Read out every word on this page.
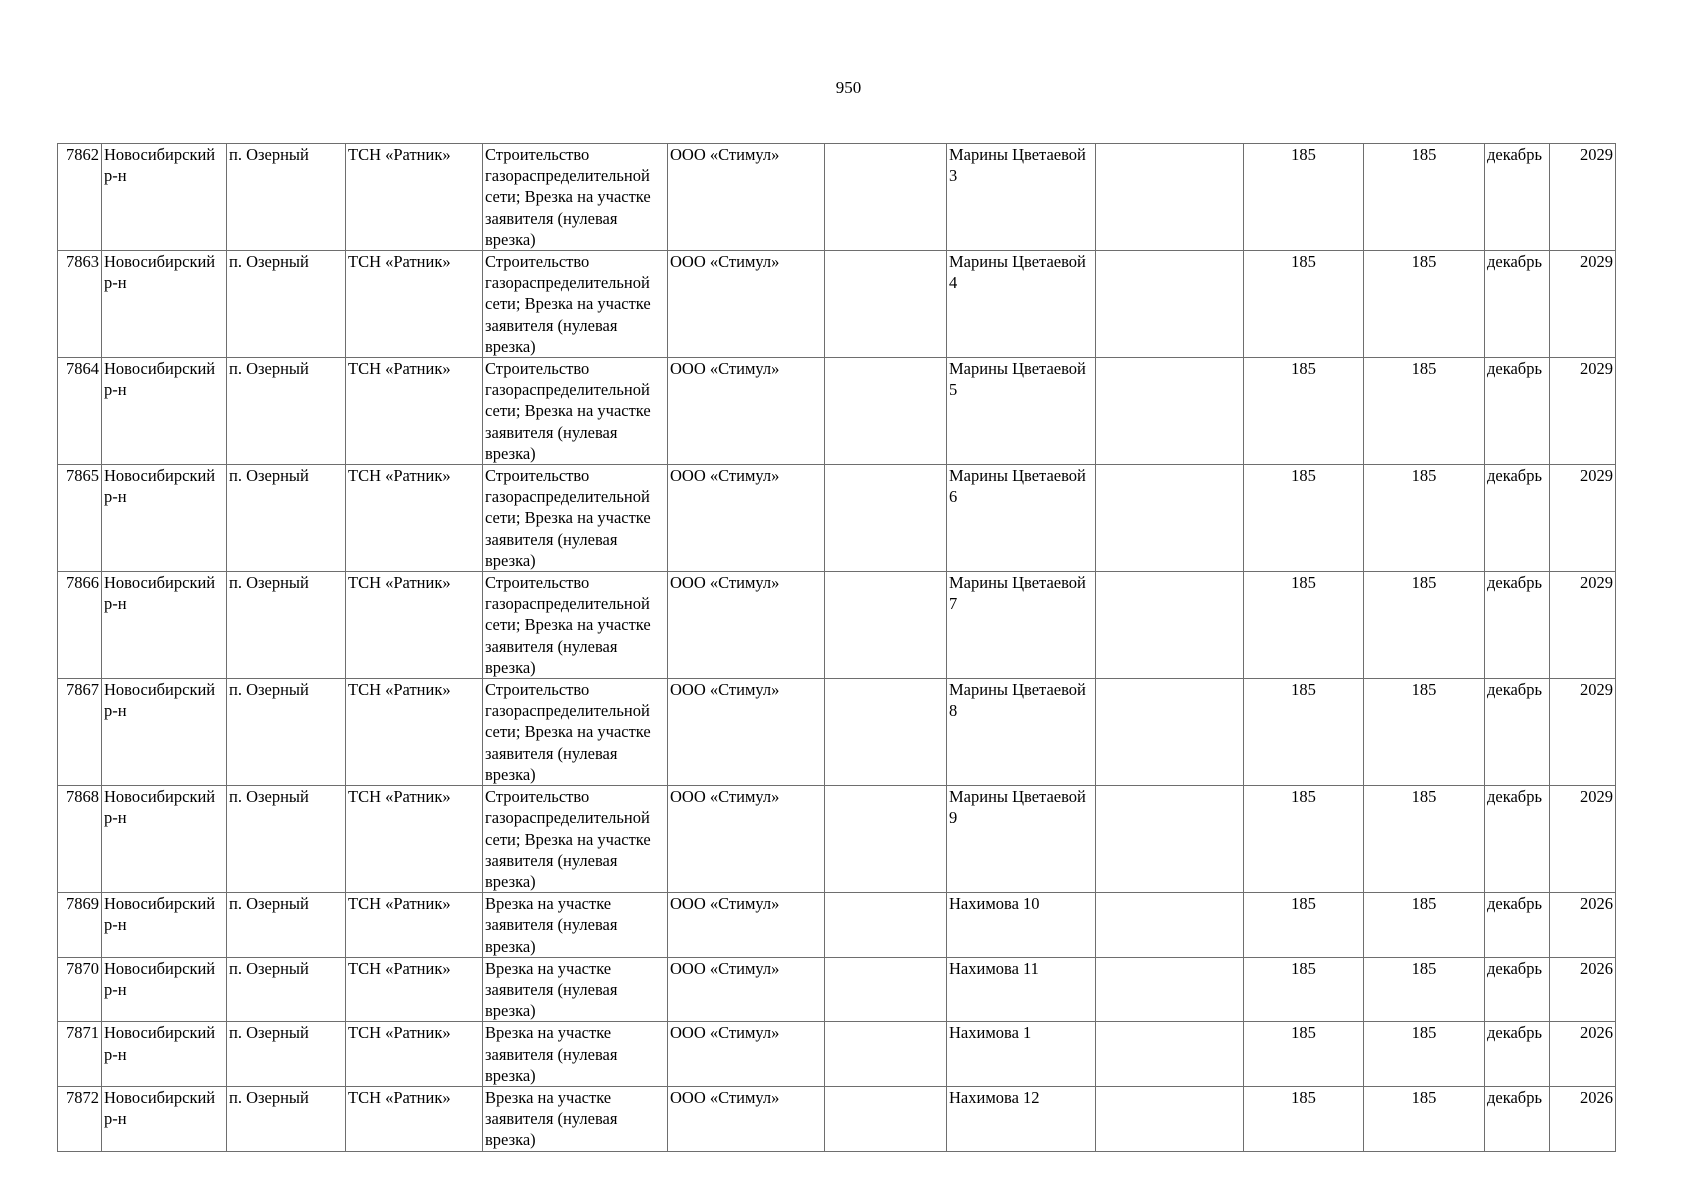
950
7862	Новосибирский р-н	п. Озерный	ТСН «Ратник»	Строительство газораспределительной сети; Врезка на участке заявителя (нулевая врезка)	ООО «Стимул»		Марины Цветаевой 3		185	185	декабрь	2029
7863	Новосибирский р-н	п. Озерный	ТСН «Ратник»	Строительство газораспределительной сети; Врезка на участке заявителя (нулевая врезка)	ООО «Стимул»		Марины Цветаевой 4		185	185	декабрь	2029
7864	Новосибирский р-н	п. Озерный	ТСН «Ратник»	Строительство газораспределительной сети; Врезка на участке заявителя (нулевая врезка)	ООО «Стимул»		Марины Цветаевой 5		185	185	декабрь	2029
7865	Новосибирский р-н	п. Озерный	ТСН «Ратник»	Строительство газораспределительной сети; Врезка на участке заявителя (нулевая врезка)	ООО «Стимул»		Марины Цветаевой 6		185	185	декабрь	2029
7866	Новосибирский р-н	п. Озерный	ТСН «Ратник»	Строительство газораспределительной сети; Врезка на участке заявителя (нулевая врезка)	ООО «Стимул»		Марины Цветаевой 7		185	185	декабрь	2029
7867	Новосибирский р-н	п. Озерный	ТСН «Ратник»	Строительство газораспределительной сети; Врезка на участке заявителя (нулевая врезка)	ООО «Стимул»		Марины Цветаевой 8		185	185	декабрь	2029
7868	Новосибирский р-н	п. Озерный	ТСН «Ратник»	Строительство газораспределительной сети; Врезка на участке заявителя (нулевая врезка)	ООО «Стимул»		Марины Цветаевой 9		185	185	декабрь	2029
7869	Новосибирский р-н	п. Озерный	ТСН «Ратник»	Врезка на участке заявителя (нулевая врезка)	ООО «Стимул»		Нахимова 10		185	185	декабрь	2026
7870	Новосибирский р-н	п. Озерный	ТСН «Ратник»	Врезка на участке заявителя (нулевая врезка)	ООО «Стимул»		Нахимова 11		185	185	декабрь	2026
7871	Новосибирский р-н	п. Озерный	ТСН «Ратник»	Врезка на участке заявителя (нулевая врезка)	ООО «Стимул»		Нахимова 1		185	185	декабрь	2026
7872	Новосибирский р-н	п. Озерный	ТСН «Ратник»	Врезка на участке заявителя (нулевая врезка)	ООО «Стимул»		Нахимова 12		185	185	декабрь	2026
